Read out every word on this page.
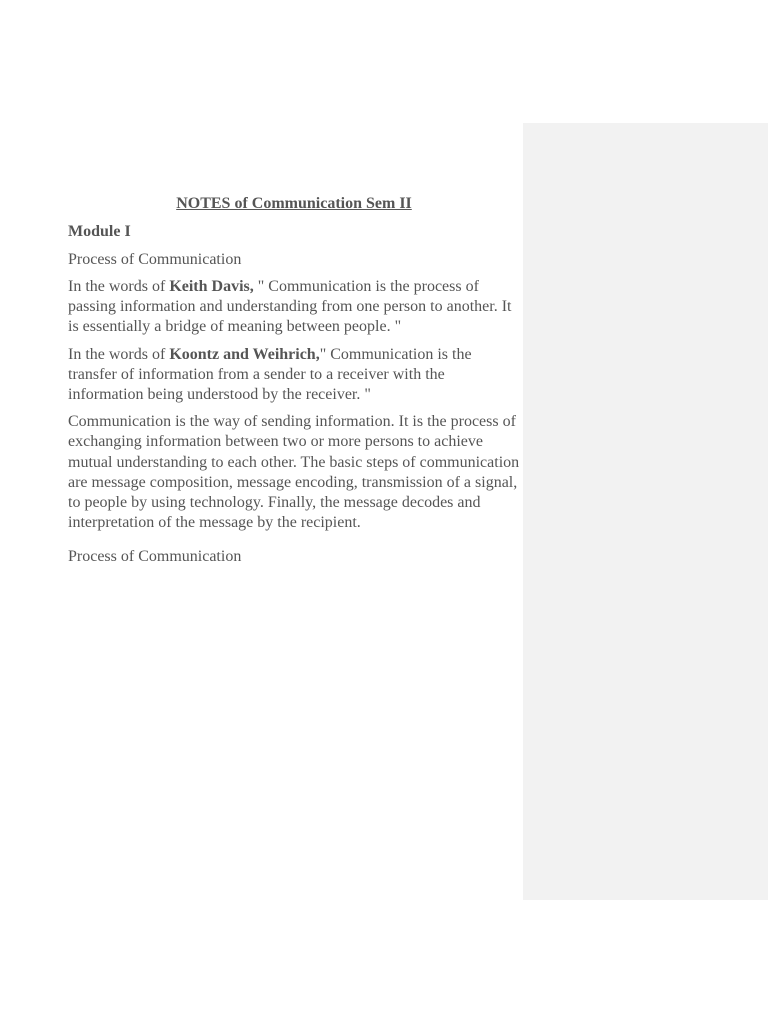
NOTES of Communication Sem II
Module I
Process of Communication

In the words of Keith Davis, " Communication is the process of passing information and understanding from one person to another. It is essentially a bridge of meaning between people. "

In the words of Koontz and Weihrich," Communication is the transfer of information from a sender to a receiver with the information being understood by the receiver. "

Communication is the way of sending information. It is the process of exchanging information between two or more persons to achieve mutual understanding to each other. The basic steps of communication are message composition, message encoding, transmission of a signal, to people by using technology. Finally, the message decodes and interpretation of the message by the recipient.

Process of Communication
